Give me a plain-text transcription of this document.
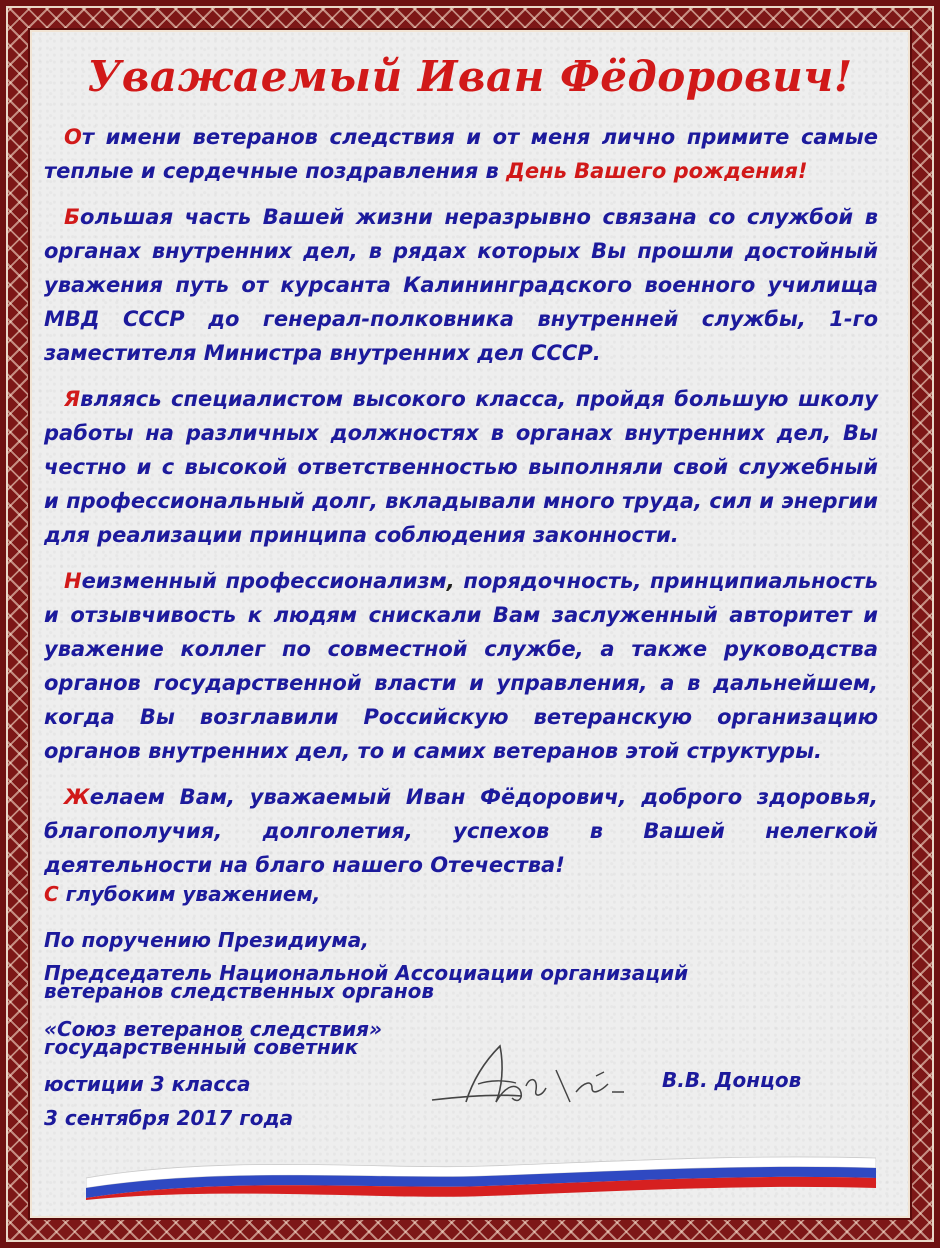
Уважаемый Иван Фёдорович!

От имени ветеранов следствия и от меня лично примите самые теплые и сердечные поздравления в День Вашего рождения!

Большая часть Вашей жизни неразрывно связана со службой в органах внутренних дел, в рядах которых Вы прошли достойный уважения путь от курсанта Калининградского военного училища МВД СССР до генерал-полковника внутренней службы, 1-го заместителя Министра внутренних дел СССР.

Являясь специалистом высокого класса, пройдя большую школу работы на различных должностях в органах внутренних дел, Вы честно и с высокой ответственностью выполняли свой служебный и профессиональный долг, вкладывали много труда, сил и энергии для реализации принципа соблюдения законности.

Неизменный профессионализм, порядочность, принципиальность и отзывчивость к людям снискали Вам заслуженный авторитет и уважение коллег по совместной службе, а также руководства органов государственной власти и управления, а в дальнейшем, когда Вы возглавили Российскую ветеранскую организацию органов внутренних дел, то и самих ветеранов этой структуры.

Желаем Вам, уважаемый Иван Фёдорович, доброго здоровья, благополучия, долголетия, успехов в Вашей нелегкой деятельности на благо нашего Отечества!

С глубоким уважением,
По поручению Президиума,
Председатель Национальной Ассоциации организаций
ветеранов следственных органов
«Союз ветеранов следствия»
государственный советник
юстиции 3 класса
3 сентября 2017 года
В.В. Донцов
